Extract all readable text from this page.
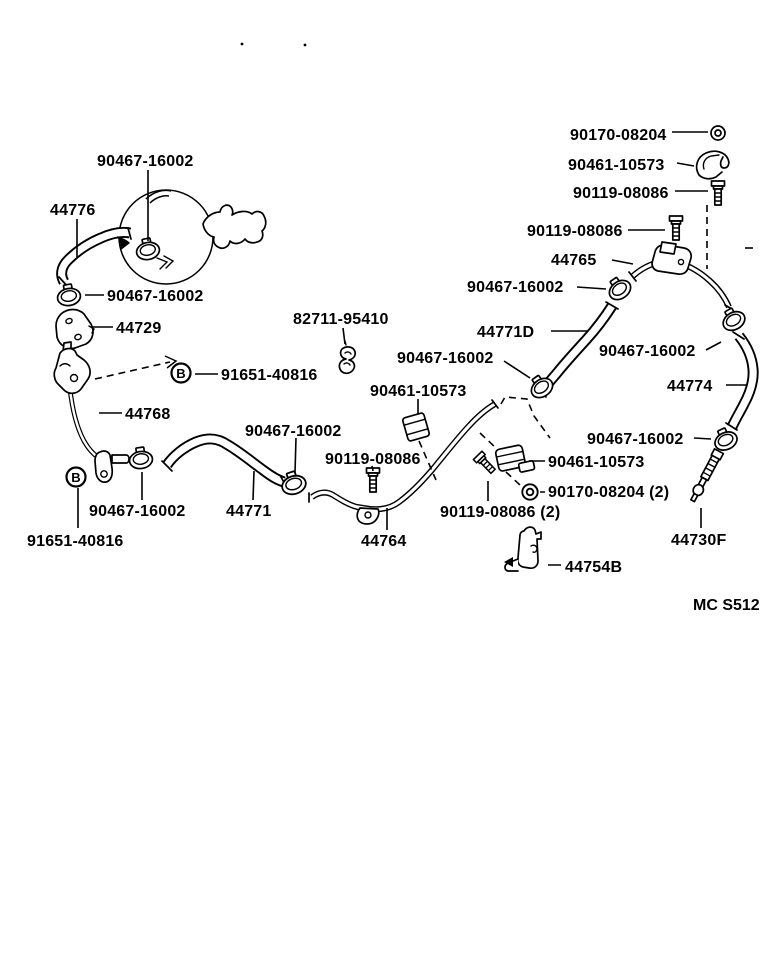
B
B
90467-16002
44776
90467-16002
44729
82711-95410
91651-40816
44768
90467-16002
91651-40816
44771
90467-16002
90119-08086
44764
90467-16002
90461-10573
44771D
90467-16002
44765
90119-08086
90119-08086
90461-10573
90170-08204
90467-16002
44774
90467-16002
90461-10573
90170-08204 (2)
90119-08086 (2)
44754B
44730F
MC S512
